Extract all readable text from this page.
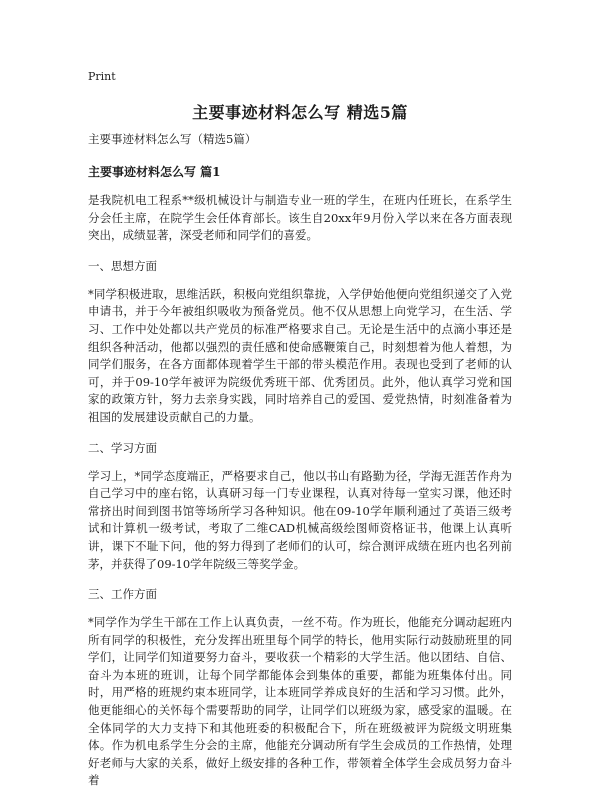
Print
主要事迹材料怎么写 精选5篇
主要事迹材料怎么写（精选5篇）
主要事迹材料怎么写 篇1

是我院机电工程系**级机械设计与制造专业一班的学生，在班内任班长，在系学生分会任主席，在院学生会任体育部长。该生自20xx年9月份入学以来在各方面表现突出，成绩显著，深受老师和同学们的喜爱。

一、思想方面

*同学积极进取，思维活跃，积极向党组织靠拢，入学伊始他便向党组织递交了入党申请书，并于今年被组织吸收为预备党员。他不仅从思想上向党学习，在生活、学习、工作中处处都以共产党员的标准严格要求自己。无论是生活中的点滴小事还是组织各种活动，他都以强烈的责任感和使命感鞭策自己，时刻想着为他人着想，为同学们服务，在各方面都体现着学生干部的带头模范作用。表现也受到了老师的认可，并于09-10学年被评为院级优秀班干部、优秀团员。此外，他认真学习党和国家的政策方针，努力去亲身实践，同时培养自己的爱国、爱党热情，时刻准备着为祖国的发展建设贡献自己的力量。

二、学习方面

学习上，*同学态度端正，严格要求自己，他以书山有路勤为径，学海无涯苦作舟为自己学习中的座右铭，认真研习每一门专业课程，认真对待每一堂实习课，他还时常挤出时间到图书馆等场所学习各种知识。他在09-10学年顺利通过了英语三级考试和计算机一级考试，考取了二维CAD机械高级绘图师资格证书，他课上认真听讲，课下不耻下问，他的努力得到了老师们的认可，综合测评成绩在班内也名列前茅，并获得了09-10学年院级三等奖学金。

三、工作方面

*同学作为学生干部在工作上认真负责，一丝不苟。作为班长，他能充分调动起班内所有同学的积极性，充分发挥出班里每个同学的特长，他用实际行动鼓励班里的同学们，让同学们知道要努力奋斗，要收获一个精彩的大学生活。他以团结、自信、奋斗为本班的班训，让每个同学都能体会到集体的重要，都能为班集体付出。同时，用严格的班规约束本班同学，让本班同学养成良好的生活和学习习惯。此外，他更能细心的关怀每个需要帮助的同学，让同学们以班级为家，感受家的温暖。在全体同学的大力支持下和其他班委的积极配合下，所在班级被评为院级文明班集体。作为机电系学生分会的主席，他能充分调动所有学生会成员的工作热情，处理好老师与大家的关系，做好上级安排的各种工作，带领着全体学生会成员努力奋斗着
